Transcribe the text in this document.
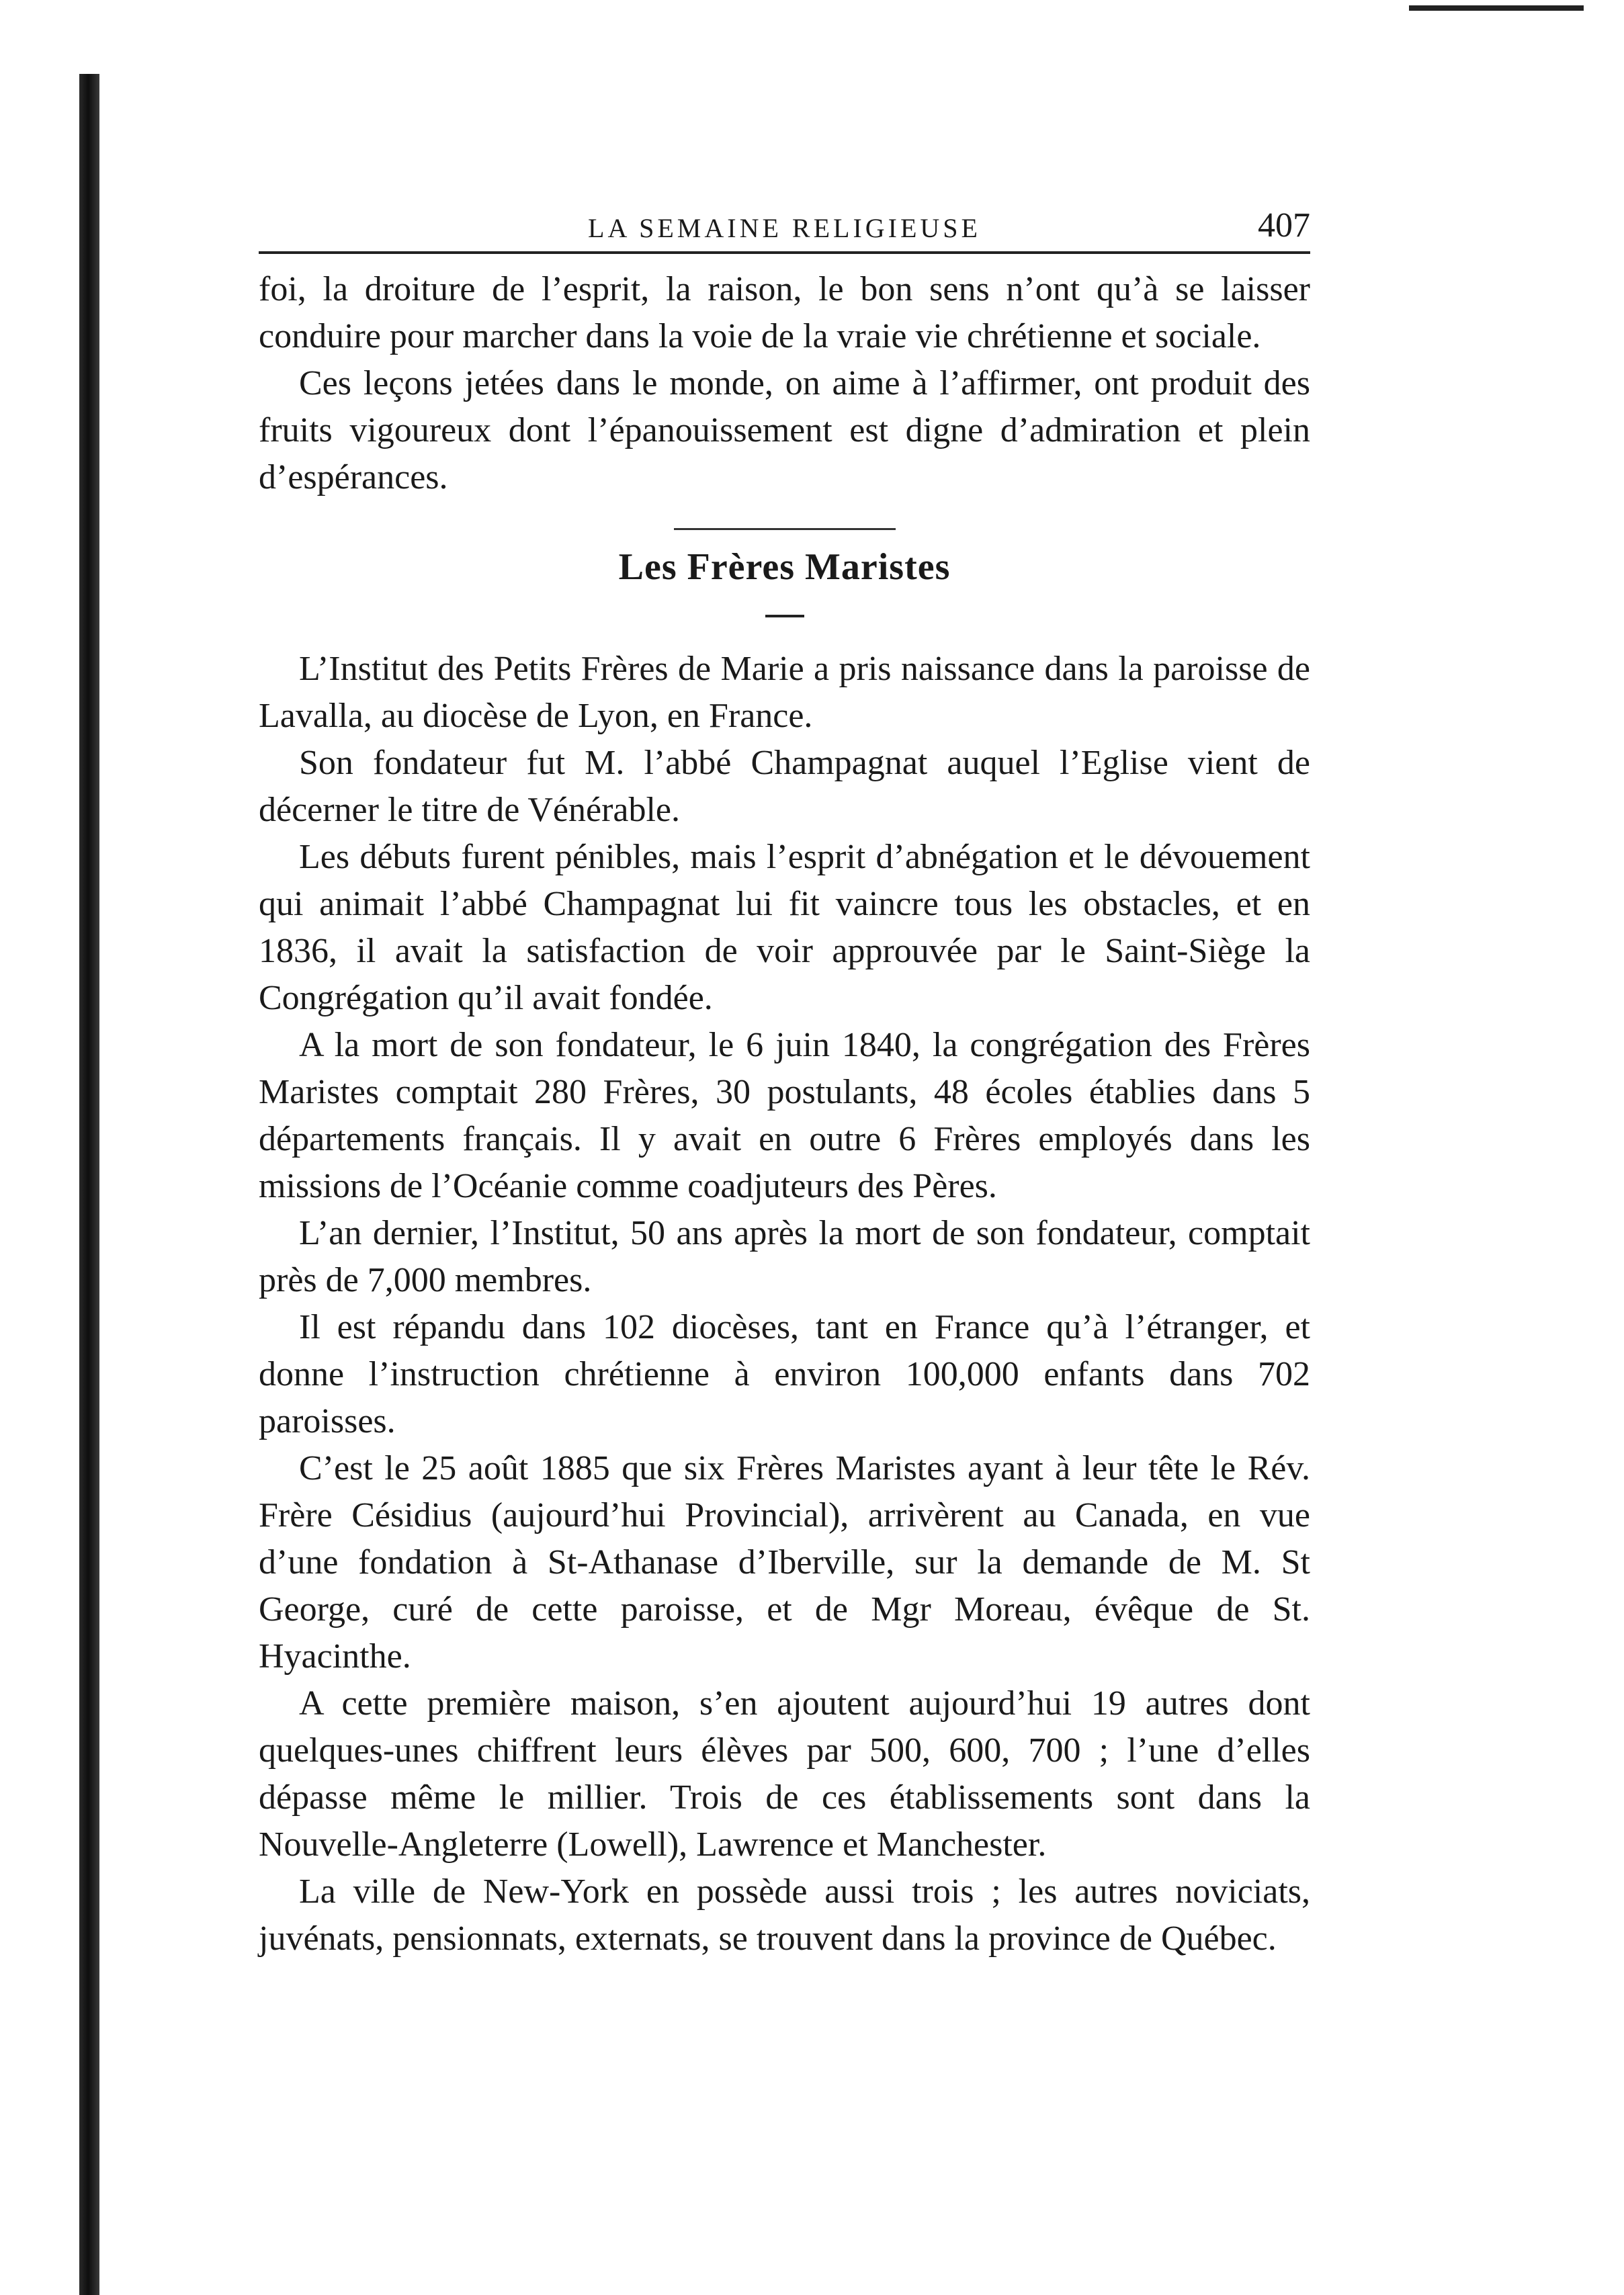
LA SEMAINE RELIGIEUSE	407

foi, la droiture de l’esprit, la raison, le bon sens n’ont qu’à se laisser conduire pour marcher dans la voie de la vraie vie chrétienne et sociale.

Ces leçons jetées dans le monde, on aime à l’affirmer, ont produit des fruits vigoureux dont l’épanouissement est digne d’admiration et plein d’espérances.

Les Frères Maristes

L’Institut des Petits Frères de Marie a pris naissance dans la paroisse de Lavalla, au diocèse de Lyon, en France.

Son fondateur fut M. l’abbé Champagnat auquel l’Eglise vient de décerner le titre de Vénérable.

Les débuts furent pénibles, mais l’esprit d’abnégation et le dévouement qui animait l’abbé Champagnat lui fit vaincre tous les obstacles, et en 1836, il avait la satisfaction de voir approuvée par le Saint-Siège la Congrégation qu’il avait fondée.

A la mort de son fondateur, le 6 juin 1840, la congrégation des Frères Maristes comptait 280 Frères, 30 postulants, 48 écoles établies dans 5 départements français. Il y avait en outre 6 Frères employés dans les missions de l’Océanie comme coadjuteurs des Pères.

L’an dernier, l’Institut, 50 ans après la mort de son fondateur, comptait près de 7,000 membres.

Il est répandu dans 102 diocèses, tant en France qu’à l’étranger, et donne l’instruction chrétienne à environ 100,000 enfants dans 702 paroisses.

C’est le 25 août 1885 que six Frères Maristes ayant à leur tête le Rév. Frère Césidius (aujourd’hui Provincial), arrivèrent au Canada, en vue d’une fondation à St-Athanase d’Iberville, sur la demande de M. St George, curé de cette paroisse, et de Mgr Moreau, évêque de St. Hyacinthe.

A cette première maison, s’en ajoutent aujourd’hui 19 autres dont quelques-unes chiffrent leurs élèves par 500, 600, 700 ; l’une d’elles dépasse même le millier. Trois de ces établissements sont dans la Nouvelle-Angleterre (Lowell), Lawrence et Manchester.

La ville de New-York en possède aussi trois ; les autres noviciats, juvénats, pensionnats, externats, se trouvent dans la province de Québec.
